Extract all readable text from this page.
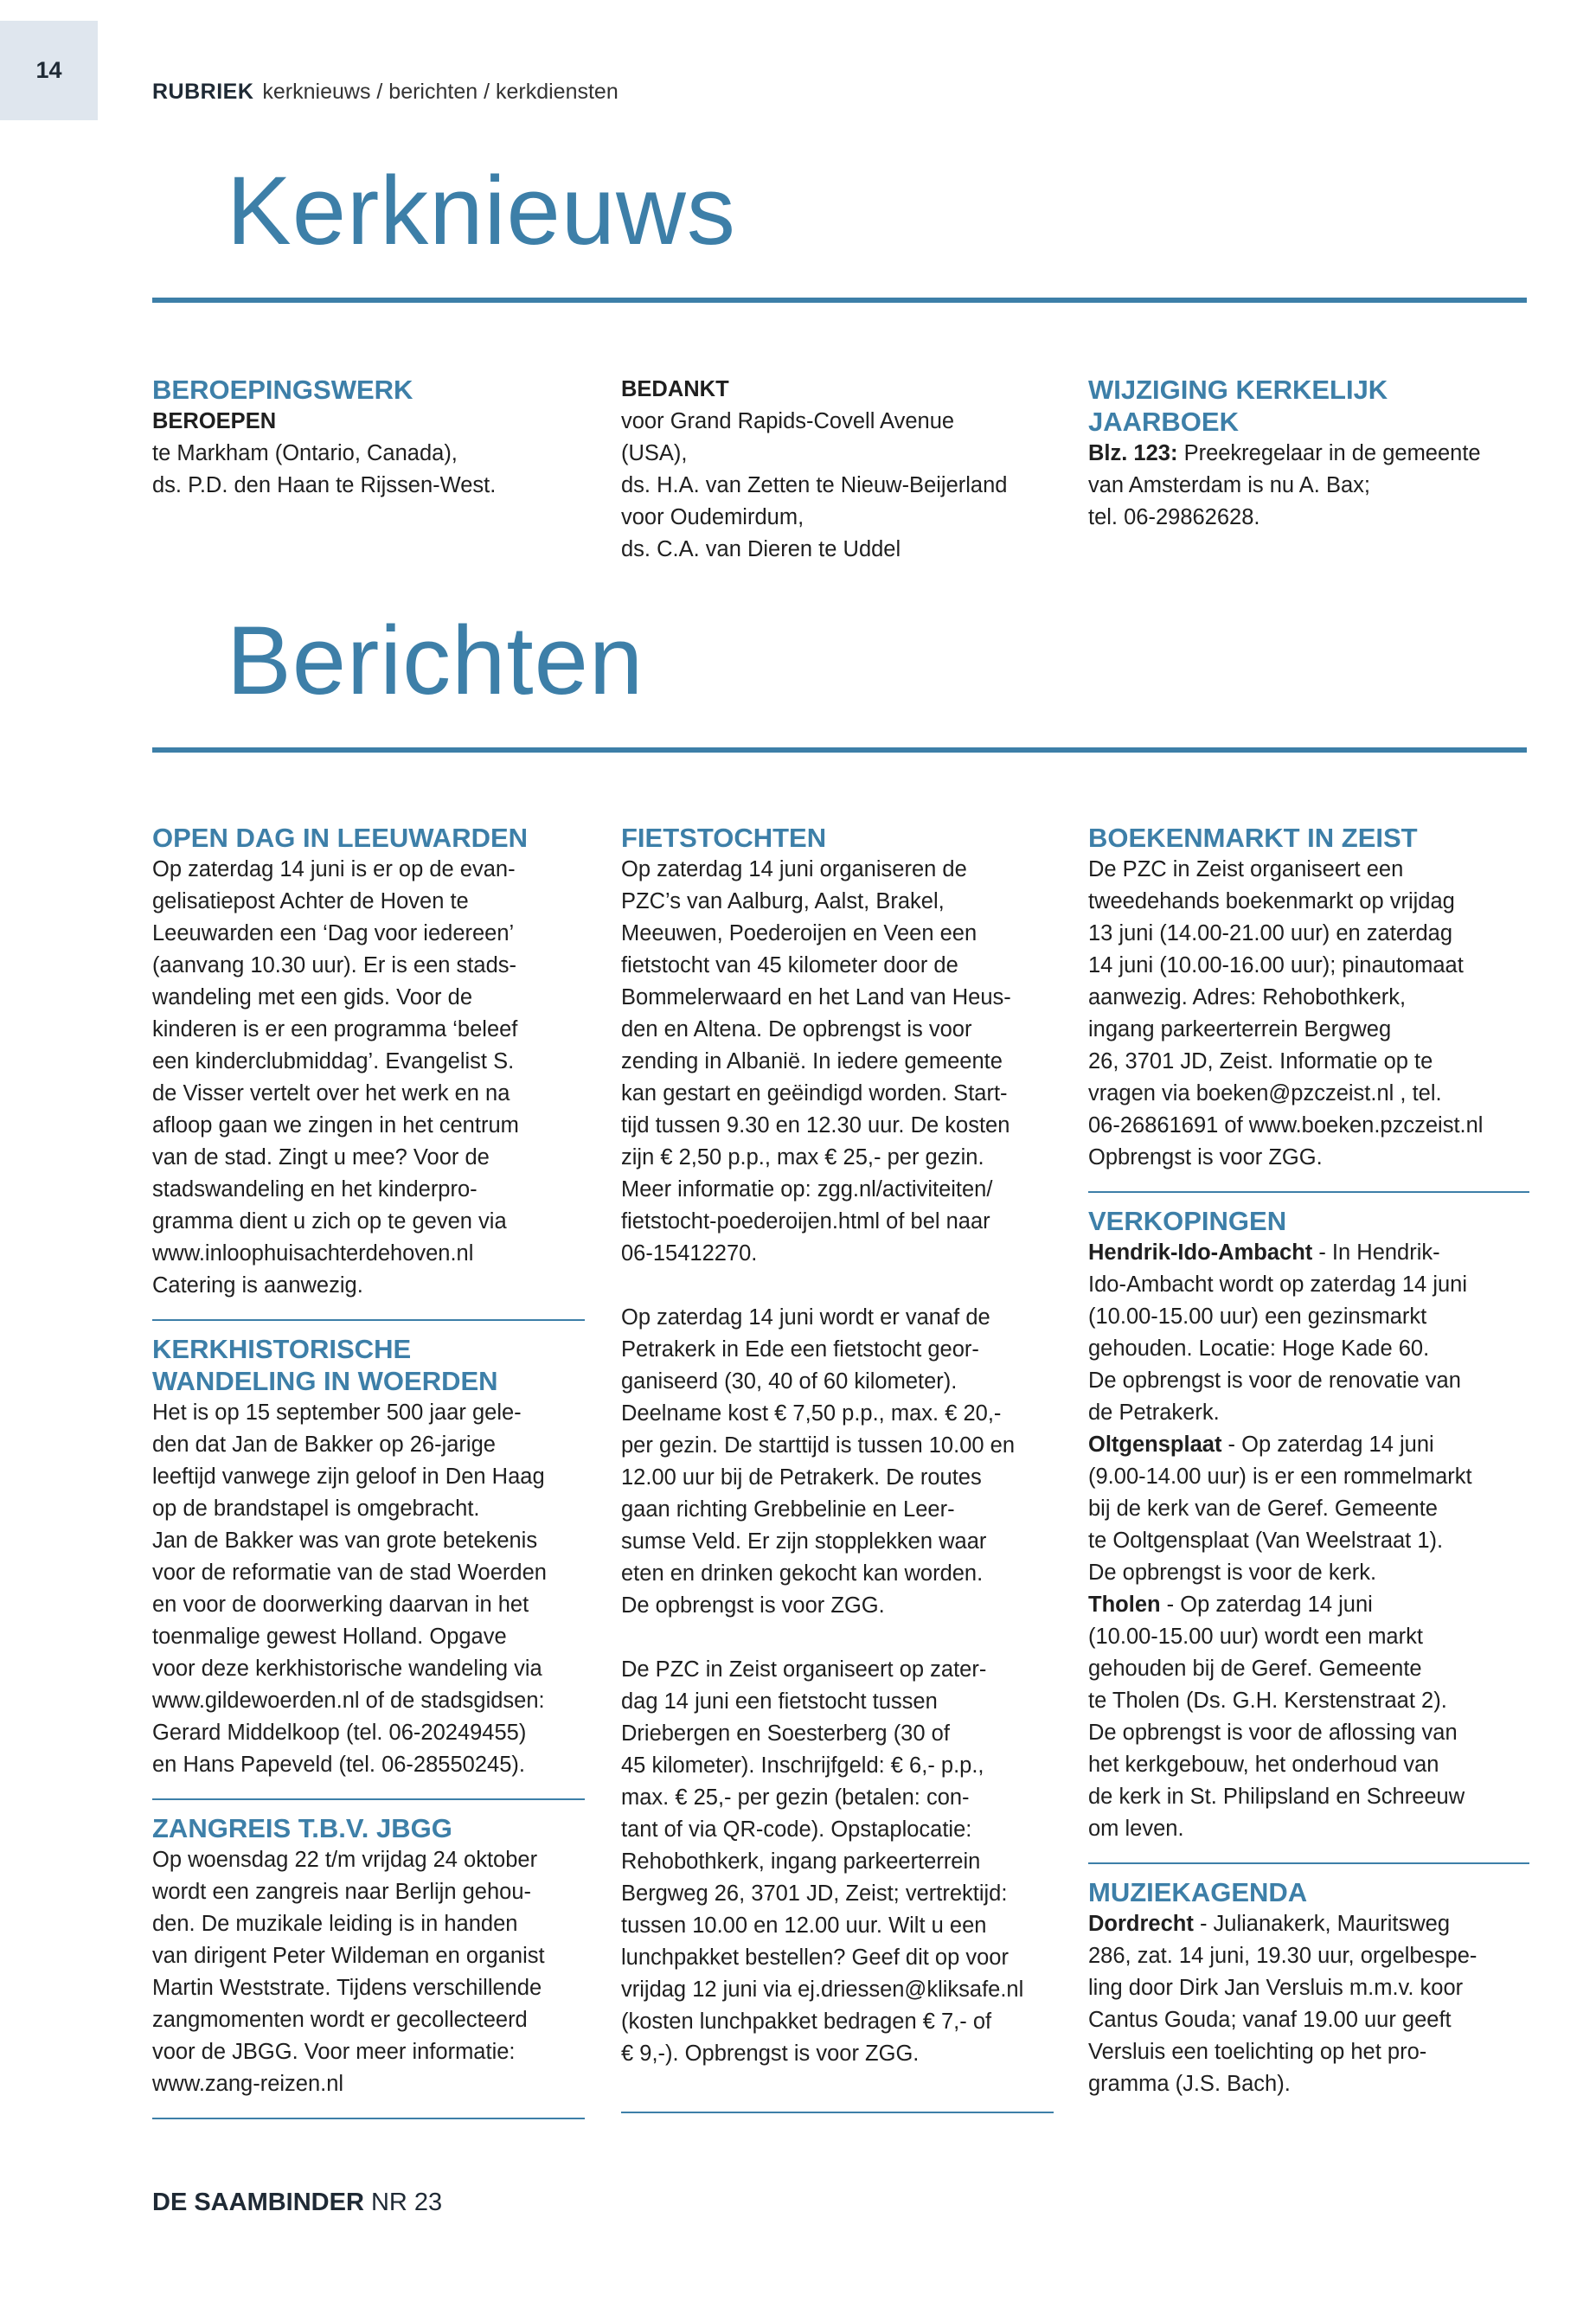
14
RUBRIEK kerknieuws / berichten / kerkdiensten
Kerknieuws

BEROEPINGSWERK

BEROEPEN

te Markham (Ontario, Canada),

ds. P.D. den Haan te Rijssen-West.

BEDANKT

voor Grand Rapids-Covell Avenue

(USA),

ds. H.A. van Zetten te Nieuw-Beijerland

voor Oudemirdum,

ds. C.A. van Dieren te Uddel

WIJZIGING KERKELIJK

JAARBOEK

Blz. 123: Preekregelaar in de gemeente

van Amsterdam is nu A. Bax;

tel. 06-29862628.

Berichten

OPEN DAG IN LEEUWARDEN

Op zaterdag 14 juni is er op de evan-

gelisatiepost Achter de Hoven te

Leeuwarden een ‘Dag voor iedereen’

(aanvang 10.30 uur). Er is een stads-

wandeling met een gids. Voor de

kinderen is er een programma ‘beleef

een kinderclubmiddag’. Evangelist S.

de Visser vertelt over het werk en na

afloop gaan we zingen in het centrum

van de stad. Zingt u mee? Voor de

stadswandeling en het kinderpro-

gramma dient u zich op te geven via

www.inloophuisachterdehoven.nl

Catering is aanwezig.

KERKHISTORISCHE

WANDELING IN WOERDEN

Het is op 15 september 500 jaar gele-

den dat Jan de Bakker op 26-jarige

leeftijd vanwege zijn geloof in Den Haag

op de brandstapel is omgebracht.

Jan de Bakker was van grote betekenis

voor de reformatie van de stad Woerden

en voor de doorwerking daarvan in het

toenmalige gewest Holland. Opgave

voor deze kerkhistorische wandeling via

www.gildewoerden.nl of de stadsgidsen:

Gerard Middelkoop (tel. 06-20249455)

en Hans Papeveld (tel. 06-28550245).

ZANGREIS T.B.V. JBGG

Op woensdag 22 t/m vrijdag 24 oktober

wordt een zangreis naar Berlijn gehou-

den. De muzikale leiding is in handen

van dirigent Peter Wildeman en organist

Martin Weststrate. Tijdens verschillende

zangmomenten wordt er gecollecteerd

voor de JBGG. Voor meer informatie:

www.zang-reizen.nl

FIETSTOCHTEN

Op zaterdag 14 juni organiseren de

PZC’s van Aalburg, Aalst, Brakel,

Meeuwen, Poederoijen en Veen een

fietstocht van 45 kilometer door de

Bommelerwaard en het Land van Heus-

den en Altena. De opbrengst is voor

zending in Albanië. In iedere gemeente

kan gestart en geëindigd worden. Start-

tijd tussen 9.30 en 12.30 uur. De kosten

zijn € 2,50 p.p., max € 25,- per gezin.

Meer informatie op: zgg.nl/activiteiten/

fietstocht-poederoijen.html of bel naar

06-15412270.

Op zaterdag 14 juni wordt er vanaf de

Petrakerk in Ede een fietstocht geor-

ganiseerd (30, 40 of 60 kilometer).

Deelname kost € 7,50 p.p., max. € 20,-

per gezin. De starttijd is tussen 10.00 en

12.00 uur bij de Petrakerk. De routes

gaan richting Grebbelinie en Leer-

sumse Veld. Er zijn stopplekken waar

eten en drinken gekocht kan worden.

De opbrengst is voor ZGG.

De PZC in Zeist organiseert op zater-

dag 14 juni een fietstocht tussen

Driebergen en Soesterberg (30 of

45 kilometer). Inschrijfgeld: € 6,- p.p.,

max. € 25,- per gezin (betalen: con-

tant of via QR-code). Opstaplocatie:

Rehobothkerk, ingang parkeerterrein

Bergweg 26, 3701 JD, Zeist; vertrektijd:

tussen 10.00 en 12.00 uur. Wilt u een

lunchpakket bestellen? Geef dit op voor

vrijdag 12 juni via ej.driessen@kliksafe.nl

(kosten lunchpakket bedragen € 7,- of

€ 9,-). Opbrengst is voor ZGG.

BOEKENMARKT IN ZEIST

De PZC in Zeist organiseert een

tweedehands boekenmarkt op vrijdag

13 juni (14.00-21.00 uur) en zaterdag

14 juni (10.00-16.00 uur); pinautomaat

aanwezig. Adres: Rehobothkerk,

ingang parkeerterrein Bergweg

26, 3701 JD, Zeist. Informatie op te

vragen via boeken@pzczeist.nl , tel.

06-26861691 of www.boeken.pzczeist.nl

Opbrengst is voor ZGG.

VERKOPINGEN

Hendrik-Ido-Ambacht - In Hendrik-

Ido-Ambacht wordt op zaterdag 14 juni

(10.00-15.00 uur) een gezinsmarkt

gehouden. Locatie: Hoge Kade 60.

De opbrengst is voor de renovatie van

de Petrakerk.

Oltgensplaat - Op zaterdag 14 juni

(9.00-14.00 uur) is er een rommelmarkt

bij de kerk van de Geref. Gemeente

te Ooltgensplaat (Van Weelstraat 1).

De opbrengst is voor de kerk.

Tholen - Op zaterdag 14 juni

(10.00-15.00 uur) wordt een markt

gehouden bij de Geref. Gemeente

te Tholen (Ds. G.H. Kerstenstraat 2).

De opbrengst is voor de aflossing van

het kerkgebouw, het onderhoud van

de kerk in St. Philipsland en Schreeuw

om leven.

MUZIEKAGENDA

Dordrecht - Julianakerk, Mauritsweg

286, zat. 14 juni, 19.30 uur, orgelbespe-

ling door Dirk Jan Versluis m.m.v. koor

Cantus Gouda; vanaf 19.00 uur geeft

Versluis een toelichting op het pro-

gramma (J.S. Bach).

DE SAAMBINDER NR 23
